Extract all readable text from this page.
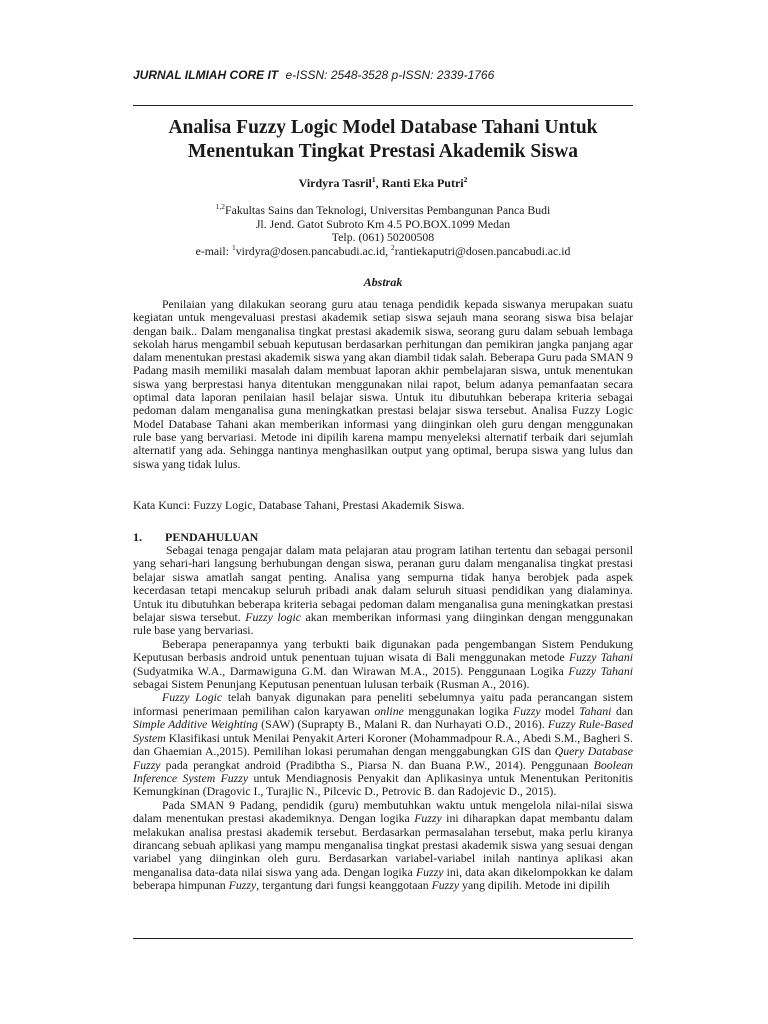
JURNAL ILMIAH CORE IT e-ISSN: 2548-3528 p-ISSN: 2339-1766
Analisa Fuzzy Logic Model Database Tahani Untuk
Menentukan Tingkat Prestasi Akademik Siswa
Virdyra Tasril$^1$, Ranti Eka Putri$^2$
$^{1,2}$Fakultas Sains dan Teknologi, Universitas Pembangunan Panca Budi
Jl. Jend. Gatot Subroto Km 4.5 PO.BOX.1099 Medan
Telp. (061) 50200508
e-mail: $^1$virdyra@dosen.pancabudi.ac.id, $^2$rantiekaputri@dosen.pancabudi.ac.id
Abstrak

Penilaian yang dilakukan seorang guru atau tenaga pendidik kepada siswanya merupakan suatu kegiatan untuk mengevaluasi prestasi akademik setiap siswa sejauh mana seorang siswa bisa belajar dengan baik.. Dalam menganalisa tingkat prestasi akademik siswa, seorang guru dalam sebuah lembaga sekolah harus mengambil sebuah keputusan berdasarkan perhitungan dan pemikiran jangka panjang agar dalam menentukan prestasi akademik siswa yang akan diambil tidak salah. Beberapa Guru pada SMAN 9 Padang masih memiliki masalah dalam membuat laporan akhir pembelajaran siswa, untuk menentukan siswa yang berprestasi hanya ditentukan menggunakan nilai rapot, belum adanya pemanfaatan secara optimal data laporan penilaian hasil belajar siswa. Untuk itu dibutuhkan beberapa kriteria sebagai pedoman dalam menganalisa guna meningkatkan prestasi belajar siswa tersebut. Analisa Fuzzy Logic Model Database Tahani akan memberikan informasi yang diinginkan oleh guru dengan menggunakan rule base yang bervariasi. Metode ini dipilih karena mampu menyeleksi alternatif terbaik dari sejumlah alternatif yang ada. Sehingga nantinya menghasilkan output yang optimal, berupa siswa yang lulus dan siswa yang tidak lulus.

Kata Kunci: Fuzzy Logic, Database Tahani, Prestasi Akademik Siswa.
1. PENDAHULUAN

Sebagai tenaga pengajar dalam mata pelajaran atau program latihan tertentu dan sebagai personil yang sehari-hari langsung berhubungan dengan siswa, peranan guru dalam menganalisa tingkat prestasi belajar siswa amatlah sangat penting. Analisa yang sempurna tidak hanya berobjek pada aspek kecerdasan tetapi mencakup seluruh pribadi anak dalam seluruh situasi pendidikan yang dialaminya. Untuk itu dibutuhkan beberapa kriteria sebagai pedoman dalam menganalisa guna meningkatkan prestasi belajar siswa tersebut. Fuzzy logic akan memberikan informasi yang diinginkan dengan menggunakan rule base yang bervariasi.

Beberapa penerapannya yang terbukti baik digunakan pada pengembangan Sistem Pendukung Keputusan berbasis android untuk penentuan tujuan wisata di Bali menggunakan metode Fuzzy Tahani (Sudyatmika W.A., Darmawiguna G.M. dan Wirawan M.A., 2015). Penggunaan Logika Fuzzy Tahani sebagai Sistem Penunjang Keputusan penentuan lulusan terbaik (Rusman A., 2016).

Fuzzy Logic telah banyak digunakan para peneliti sebelumnya yaitu pada perancangan sistem informasi penerimaan pemilihan calon karyawan online menggunakan logika Fuzzy model Tahani dan Simple Additive Weighting (SAW) (Suprapty B., Malani R. dan Nurhayati O.D., 2016). Fuzzy Rule-Based System Klasifikasi untuk Menilai Penyakit Arteri Koroner (Mohammadpour R.A., Abedi S.M., Bagheri S. dan Ghaemian A.,2015). Pemilihan lokasi perumahan dengan menggabungkan GIS dan Query Database Fuzzy pada perangkat android (Pradibtha S., Piarsa N. dan Buana P.W., 2014). Penggunaan Boolean Inference System Fuzzy untuk Mendiagnosis Penyakit dan Aplikasinya untuk Menentukan Peritonitis Kemungkinan (Dragovic I., Turajlic N., Pilcevic D., Petrovic B. dan Radojevic D., 2015).

Pada SMAN 9 Padang, pendidik (guru) membutuhkan waktu untuk mengelola nilai-nilai siswa dalam menentukan prestasi akademiknya. Dengan logika Fuzzy ini diharapkan dapat membantu dalam melakukan analisa prestasi akademik tersebut. Berdasarkan permasalahan tersebut, maka perlu kiranya dirancang sebuah aplikasi yang mampu menganalisa tingkat prestasi akademik siswa yang sesuai dengan variabel yang diinginkan oleh guru. Berdasarkan variabel-variabel inilah nantinya aplikasi akan menganalisa data-data nilai siswa yang ada. Dengan logika Fuzzy ini, data akan dikelompokkan ke dalam beberapa himpunan Fuzzy, tergantung dari fungsi keanggotaan Fuzzy yang dipilih. Metode ini dipilih
